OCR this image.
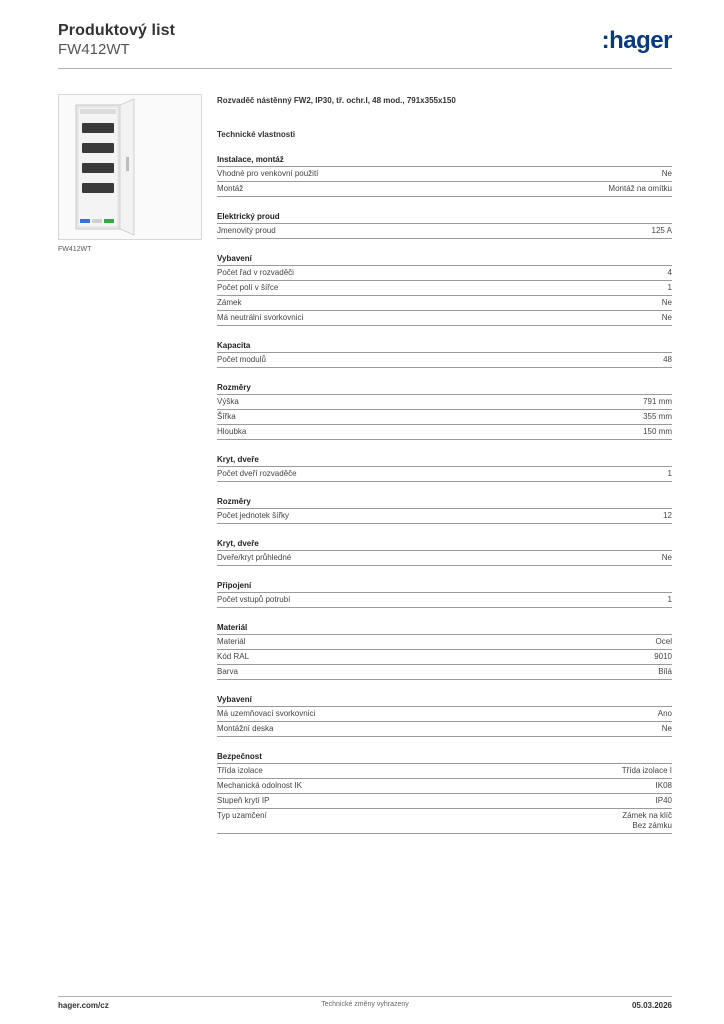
Produktový list
FW412WT	:hager
FW412WT
Rozvaděč nástěnný FW2, IP30, tř. ochr.I, 48 mod., 791x355x150
Technické vlastnosti
Instalace, montáž
Vhodné pro venkovní použití	Ne
Montáž	Montáž na omítku
Elektrický proud
Jmenovitý proud	125 A
Vybavení
Počet řad v rozvaděči	4
Počet polí v šířce	1
Zámek	Ne
Má neutrální svorkovnici	Ne
Kapacita
Počet modulů	48
Rozměry
Výška	791 mm
Šířka	355 mm
Hloubka	150 mm
Kryt, dveře
Počet dveří rozvaděče	1
Rozměry
Počet jednotek šířky	12
Kryt, dveře
Dveře/kryt průhledné	Ne
Připojení
Počet vstupů potrubí	1
Materiál
Materiál	Ocel
Kód RAL	9010
Barva	Bílá
Vybavení
Má uzemňovací svorkovnici	Ano
Montážní deska	Ne
Bezpečnost
Třída izolace	Třída izolace I
Mechanická odolnost IK	IK08
Stupeň krytí IP	IP40
Typ uzamčení	Zámek na klíč
Bez zámku
hager.com/cz	Technické změny vyhrazeny	05.03.2026
